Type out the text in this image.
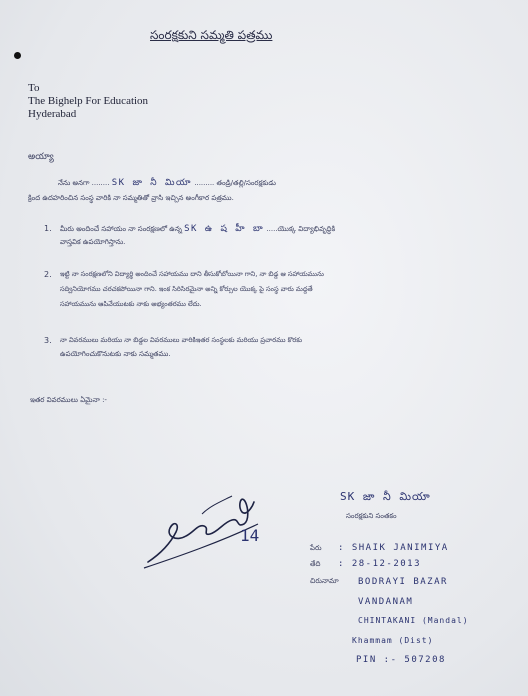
సంరక్షకుని సమ్మతి పత్రము
To
The Bighelp For Education
Hyderabad
అయ్యా
నేను అనగా ........ SK జా నీ మియా ......... తండ్రి/తల్లి/సంరక్షకుడు
క్రింద ఉదహరించిన సంస్థ వారికి నా సమ్మతితో వ్రాసి ఇచ్చిన అంగీకార పత్రము.
1. మీరు అందించే సహాయం నా సంరక్షణలో ఉన్న SK ఉ ష హీ బా .....యొక్క విద్యాభివృద్ధికి
వాస్తవిక ఉపయోగిస్తాను.
2. ఇట్టి నా సంరక్షణలోని విద్యార్థి అందించే సహాయము దాని తీసుకోబోయినా గాని, నా బిడ్డ ఆ సహాయమును
సద్వినియోగము చరచకపోయినా గాని. ఇంక సిరిసిరమైనా అన్ని కోర్సుల యొక్క పై సంస్థ వారు మద్దతే
సహాయమును ఆపివేయుటకు నాకు అభ్యంతరము లేదు.
3. నా వివరములు మరియు నా బిడ్డల వివరములు వారికిఇతర సంస్థలకు మరియు ప్రచారము కొరకు
ఉపయోగించుకొనుటకు నాకు సమ్మతము.
ఇతర వివరములు ఏమైనా :-
14
SK జా నీ మియా
సంరక్షకుని సంతకం
పేరు : SHAIK JANIMIYA
తేది : 28-12-2013
చిరునామా BODRAYI BAZAR
VANDANAM
CHINTAKANI (Mandal)
Khammam (Dist)
PIN :- 507208
